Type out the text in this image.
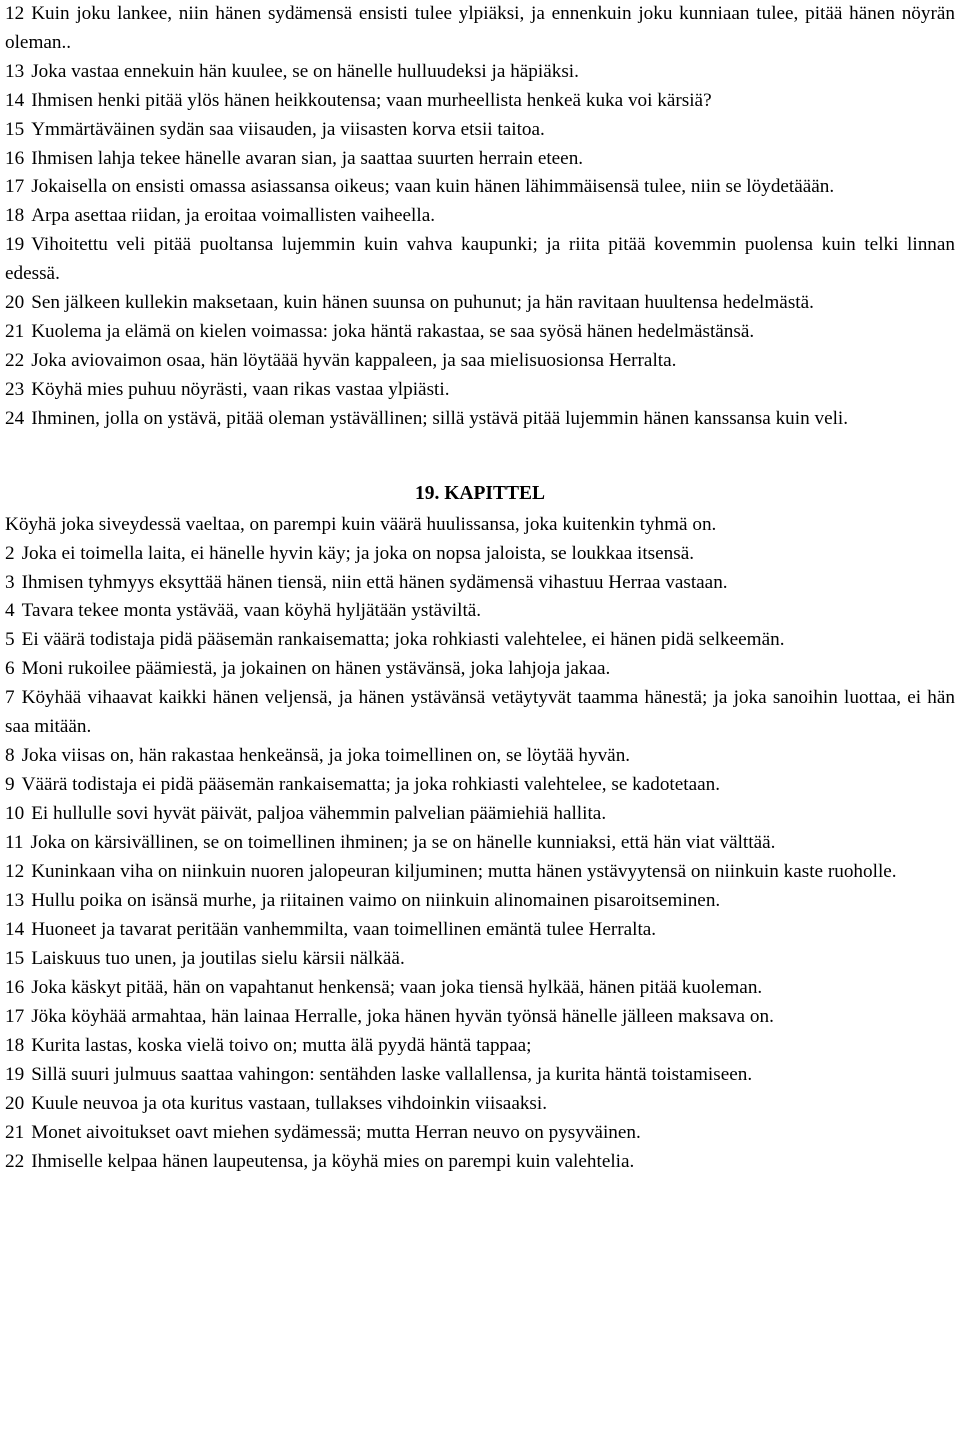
12 Kuin joku lankee, niin hänen sydämensä ensisti tulee ylpiäksi, ja ennenkuin joku kunniaan tulee, pitää hänen nöyrän oleman..

13 Joka vastaa ennekuin hän kuulee, se on hänelle hulluudeksi ja häpiäksi.

14 Ihmisen henki pitää ylös hänen heikkoutensa; vaan murheellista henkeä kuka voi kärsiä?

15 Ymmärtäväinen sydän saa viisauden, ja viisasten korva etsii taitoa.

16 Ihmisen lahja tekee hänelle avaran sian, ja saattaa suurten herrain eteen.

17 Jokaisella on ensisti omassa asiassansa oikeus; vaan kuin hänen lähimmäisensä tulee, niin se löydetäään.

18 Arpa asettaa riidan, ja eroitaa voimallisten vaiheella.

19 Vihoitettu veli pitää puoltansa lujemmin kuin vahva kaupunki; ja riita pitää kovemmin puolensa kuin telki linnan edessä.

20 Sen jälkeen kullekin maksetaan, kuin hänen suunsa on puhunut; ja hän ravitaan huultensa hedelmästä.

21 Kuolema ja elämä on kielen voimassa: joka häntä rakastaa, se saa syösä hänen hedelmästänsä.

22 Joka aviovaimon osaa, hän löytäää hyvän kappaleen, ja saa mielisuosionsa Herralta.

23 Köyhä mies puhuu nöyrästi, vaan rikas vastaa ylpiästi.

24 Ihminen, jolla on ystävä, pitää oleman ystävällinen; sillä ystävä pitää lujemmin hänen kanssansa kuin veli.

19. KAPITTEL

Köyhä joka siveydessä vaeltaa, on parempi kuin väärä huulissansa, joka kuitenkin tyhmä on.

2 Joka ei toimella laita, ei hänelle hyvin käy; ja joka on nopsa jaloista, se loukkaa itsensä.

3 Ihmisen tyhmyys eksyttää hänen tiensä, niin että hänen sydämensä vihastuu Herraa vastaan.

4 Tavara tekee monta ystävää, vaan köyhä hyljätään ystäviltä.

5 Ei väärä todistaja pidä pääsemän rankaisematta; joka rohkiasti valehtelee, ei hänen pidä selkeemän.

6 Moni rukoilee päämiestä, ja jokainen on hänen ystävänsä, joka lahjoja jakaa.

7 Köyhää vihaavat kaikki hänen veljensä, ja hänen ystävänsä vetäytyvät taamma hänestä; ja joka sanoihin luottaa, ei hän saa mitään.

8 Joka viisas on, hän rakastaa henkeänsä, ja joka toimellinen on, se löytää hyvän.

9 Väärä todistaja ei pidä pääsemän rankaisematta; ja joka rohkiasti valehtelee, se kadotetaan.

10 Ei hullulle sovi hyvät päivät, paljoa vähemmin palvelian päämiehiä hallita.

11 Joka on kärsivällinen, se on toimellinen ihminen; ja se on hänelle kunniaksi, että hän viat välttää.

12 Kuninkaan viha on niinkuin nuoren jalopeuran kiljuminen; mutta hänen ystävyytensä on niinkuin kaste ruoholle.

13 Hullu poika on isänsä murhe, ja riitainen vaimo on niinkuin alinomainen pisaroitseminen.

14 Huoneet ja tavarat peritään vanhemmilta, vaan toimellinen emäntä tulee Herralta.

15 Laiskuus tuo unen, ja joutilas sielu kärsii nälkää.

16 Joka käskyt pitää, hän on vapahtanut henkensä; vaan joka tiensä hylkää, hänen pitää kuoleman.

17 Jöka köyhää armahtaa, hän lainaa Herralle, joka hänen hyvän työnsä hänelle jälleen maksava on.

18 Kurita lastas, koska vielä toivo on; mutta älä pyydä häntä tappaa;

19 Sillä suuri julmuus saattaa vahingon: sentähden laske vallallensa, ja kurita häntä toistamiseen.

20 Kuule neuvoa ja ota kuritus vastaan, tullakses vihdoinkin viisaaksi.

21 Monet aivoitukset oavt miehen sydämessä; mutta Herran neuvo on pysyväinen.

22 Ihmiselle kelpaa hänen laupeutensa, ja köyhä mies on parempi kuin valehtelia.
